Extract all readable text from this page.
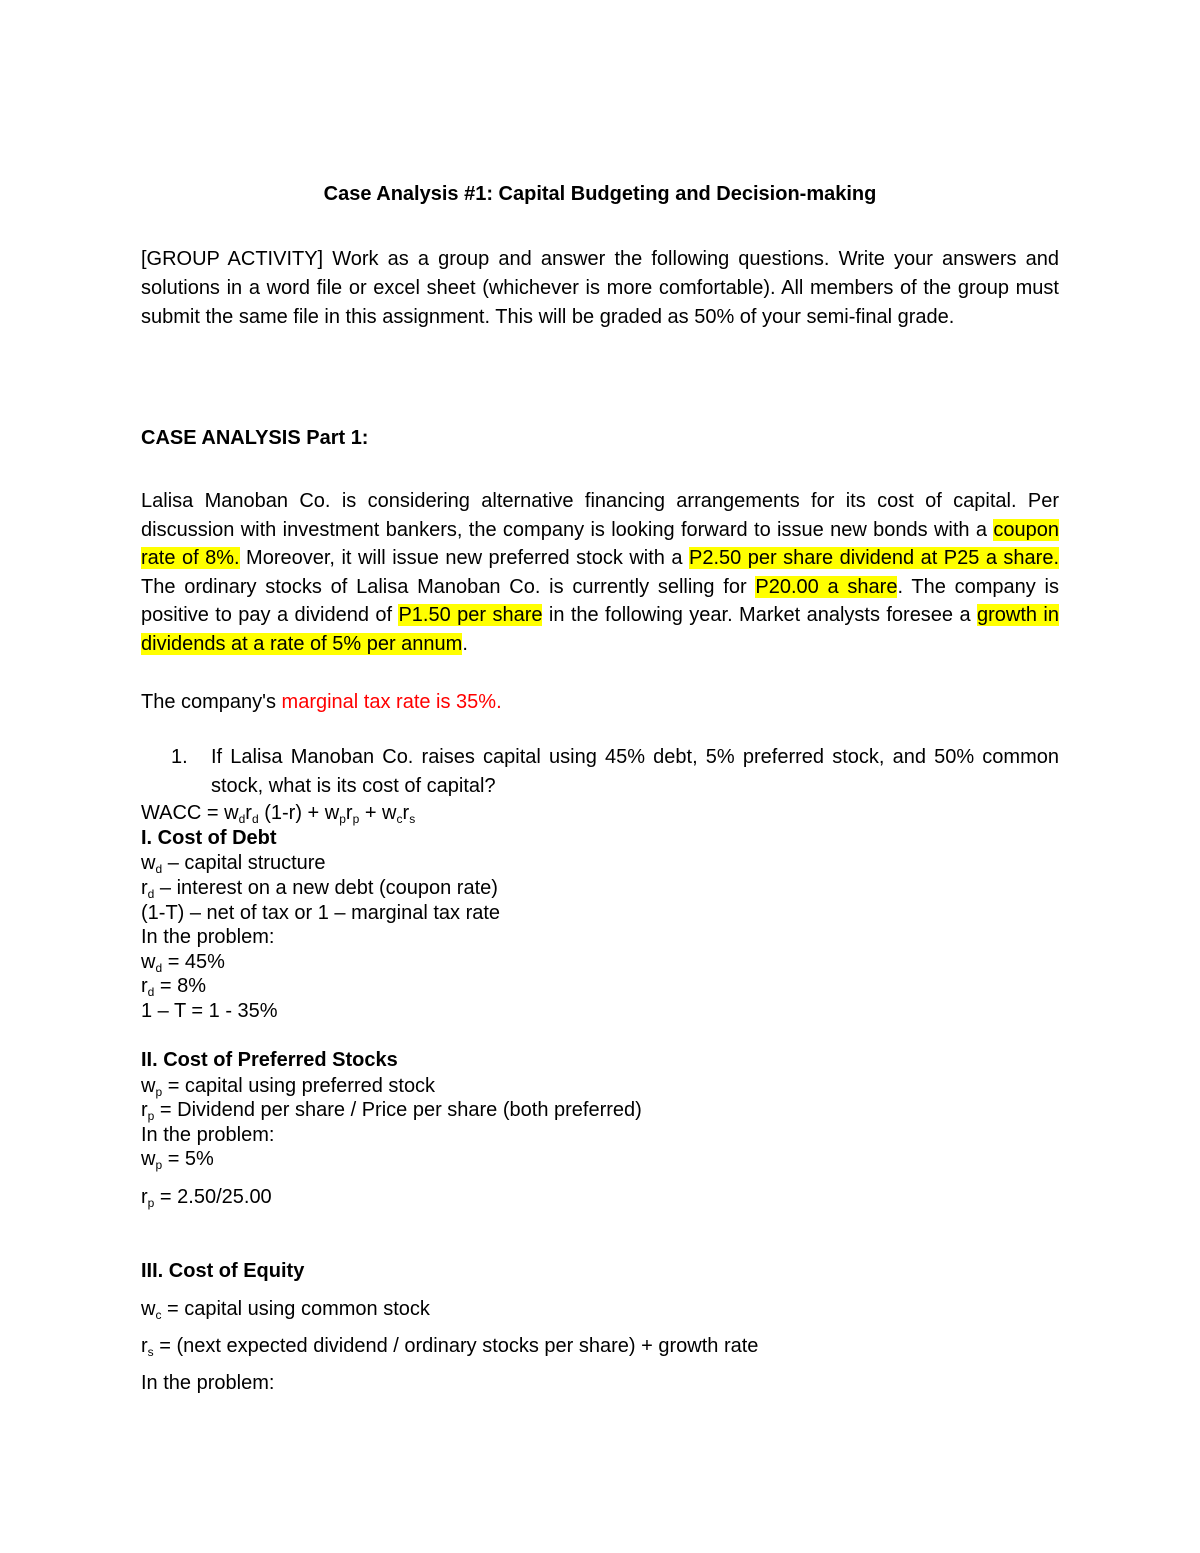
Case Analysis #1: Capital Budgeting and Decision-making
[GROUP ACTIVITY] Work as a group and answer the following questions. Write your answers and solutions in a word file or excel sheet (whichever is more comfortable). All members of the group must submit the same file in this assignment. This will be graded as 50% of your semi-final grade.
CASE ANALYSIS Part 1:
Lalisa Manoban Co. is considering alternative financing arrangements for its cost of capital. Per discussion with investment bankers, the company is looking forward to issue new bonds with a coupon rate of 8%. Moreover, it will issue new preferred stock with a P2.50 per share dividend at P25 a share. The ordinary stocks of Lalisa Manoban Co. is currently selling for P20.00 a share. The company is positive to pay a dividend of P1.50 per share in the following year. Market analysts foresee a growth in dividends at a rate of 5% per annum.
The company's marginal tax rate is 35%.
1.	If Lalisa Manoban Co. raises capital using 45% debt, 5% preferred stock, and 50% common stock, what is its cost of capital?
WACC = $w_dr_d$ $(1-r) + w_pr_p + w_cr_s$
I. Cost of Debt
$w_d$ – capital structure
$r_d$ – interest on a new debt (coupon rate)
(1-T) – net of tax or 1 – marginal tax rate
In the problem:
$w_d = 45\%$
$r_d = 8\%$
1 – T = 1 - 35%
II. Cost of Preferred Stocks
$w_p$ = capital using preferred stock
$r_p$ = Dividend per share / Price per share (both preferred)
In the problem:
$w_p = 5\%$
$r_p = 2.50/25.00$
III. Cost of Equity
$w_c$ = capital using common stock
$r_s$ = (next expected dividend / ordinary stocks per share) + growth rate
In the problem:
